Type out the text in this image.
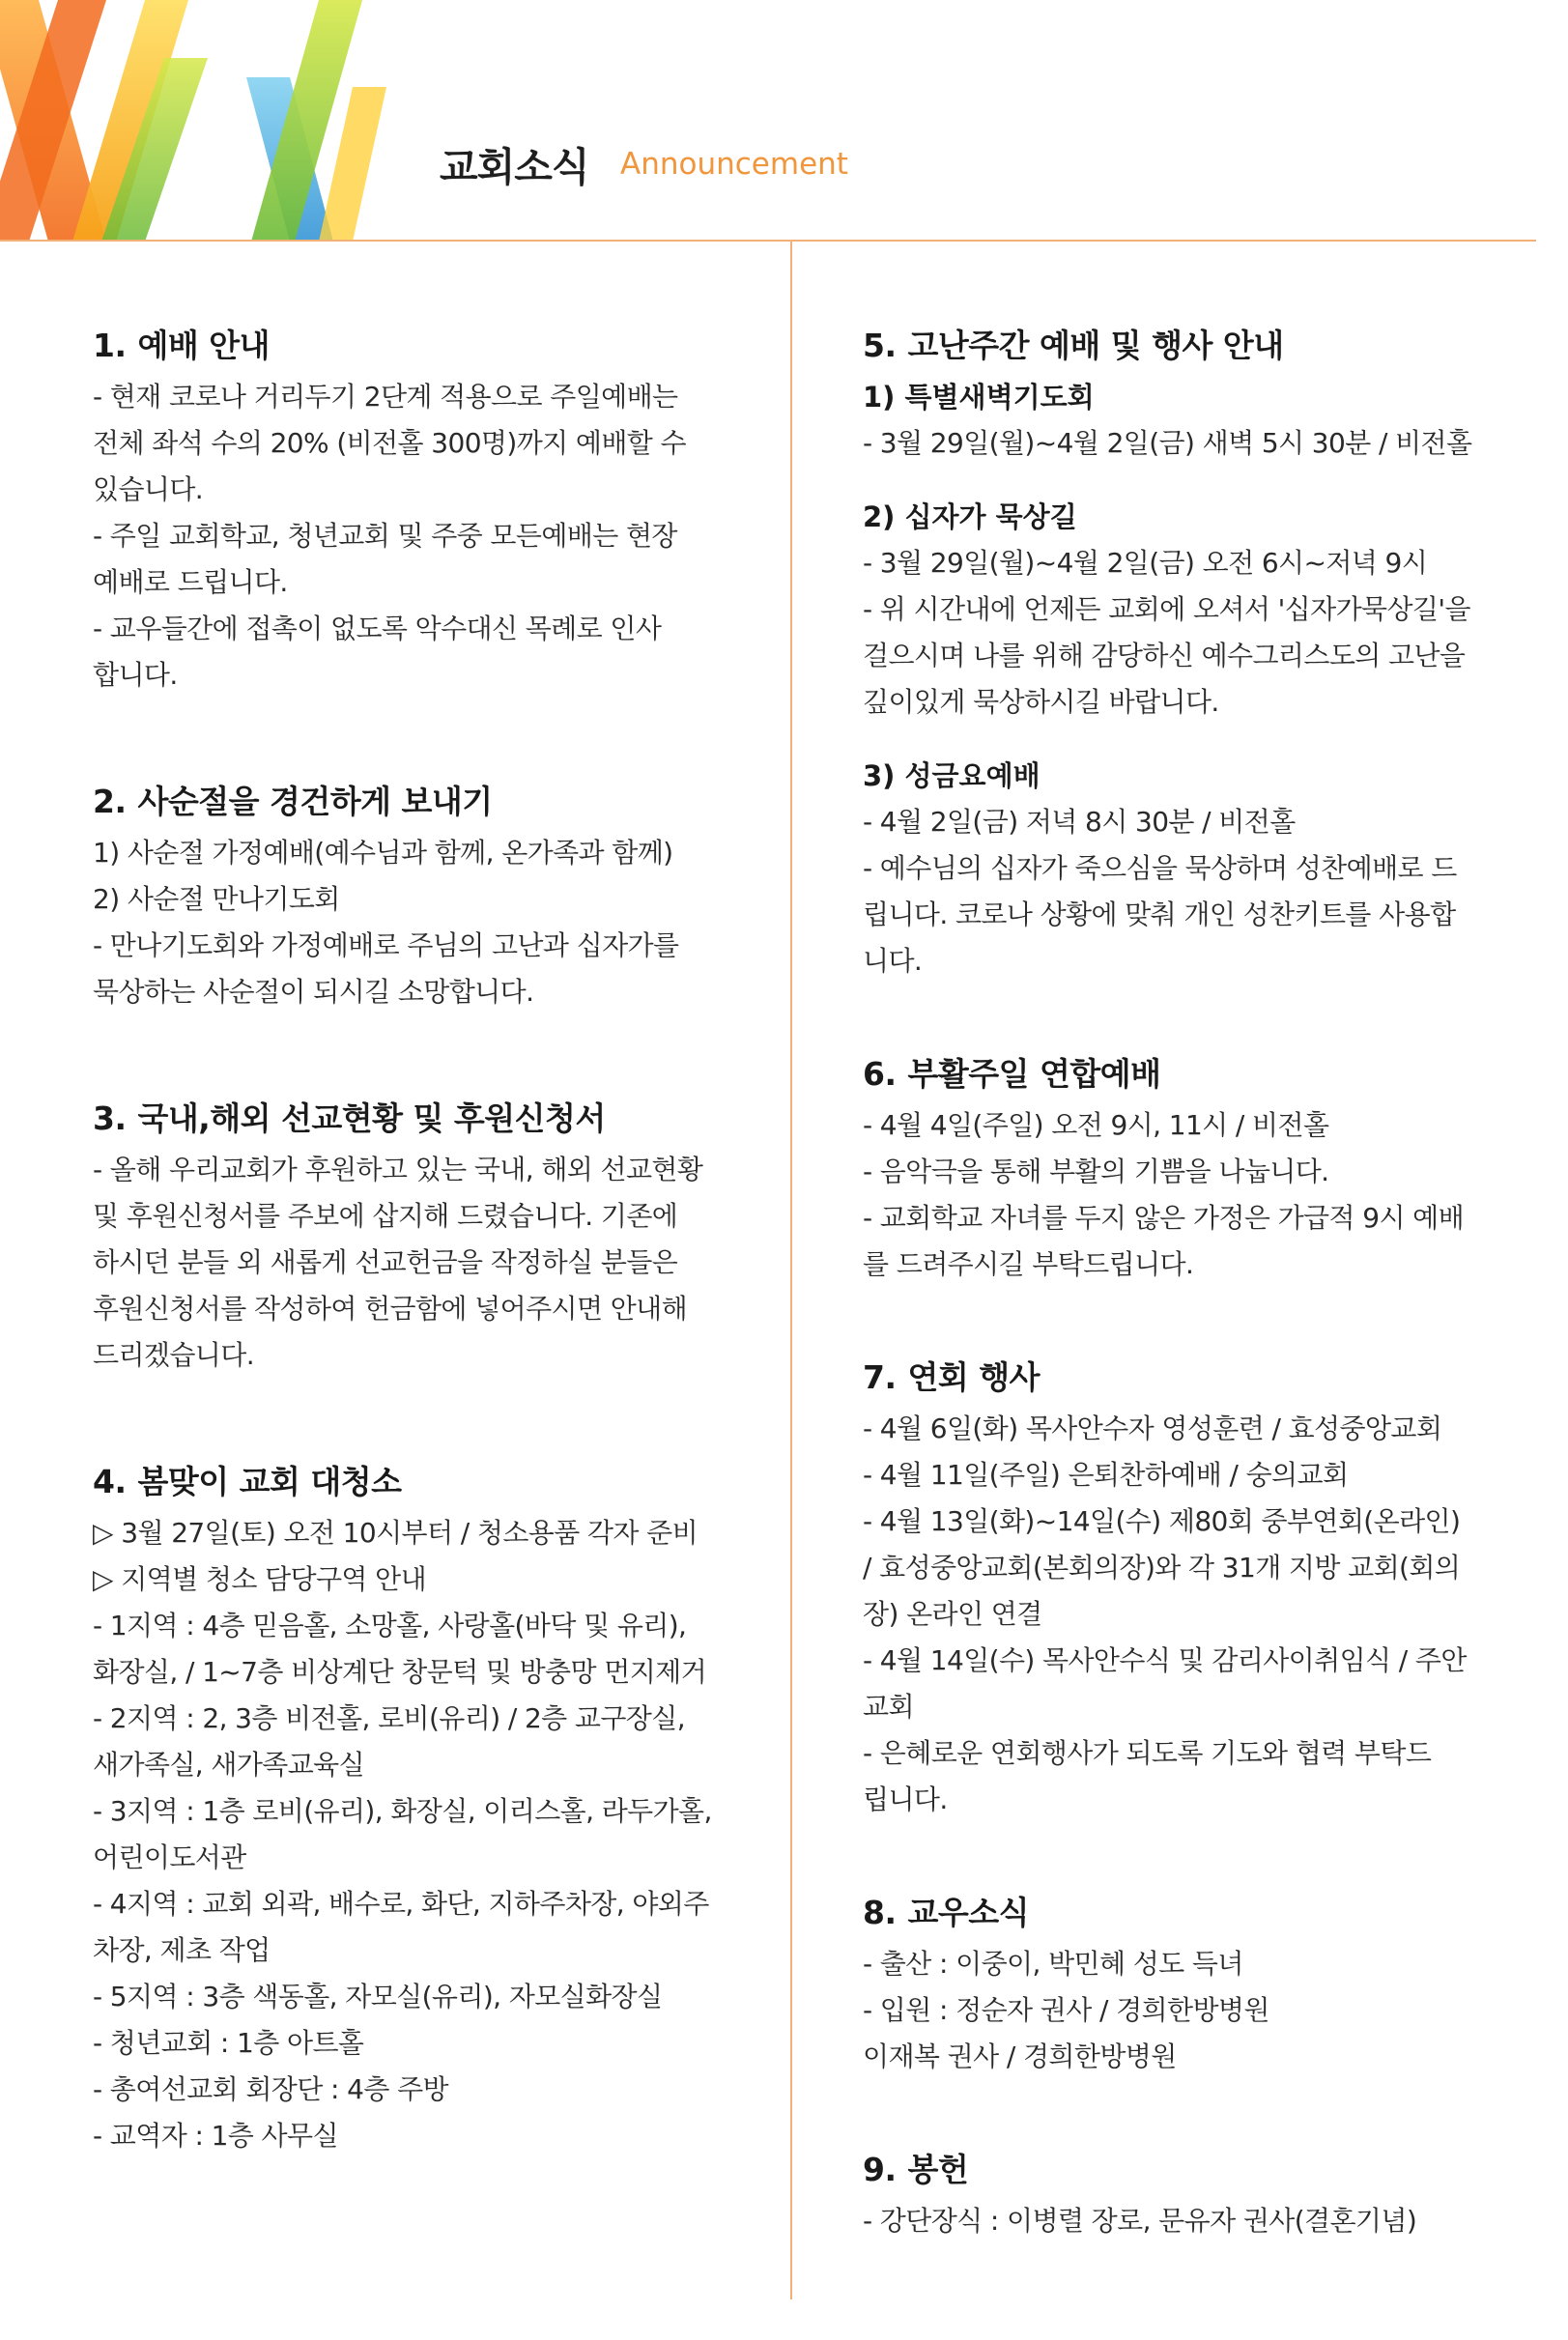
교회소식 Announcement
1. 예배 안내
- 현재 코로나 거리두기 2단계 적용으로 주일예배는
전체 좌석 수의 20% (비전홀 300명)까지 예배할 수
있습니다.
- 주일 교회학교, 청년교회 및 주중 모든예배는 현장
예배로 드립니다.
- 교우들간에 접촉이 없도록 악수대신 목례로 인사
합니다.
2. 사순절을 경건하게 보내기
1) 사순절 가정예배(예수님과 함께, 온가족과 함께)
2) 사순절 만나기도회
- 만나기도회와 가정예배로 주님의 고난과 십자가를
묵상하는 사순절이 되시길 소망합니다.
3. 국내,해외 선교현황 및 후원신청서
- 올해 우리교회가 후원하고 있는 국내, 해외 선교현황
및 후원신청서를 주보에 삽지해 드렸습니다. 기존에
하시던 분들 외 새롭게 선교헌금을 작정하실 분들은
후원신청서를 작성하여 헌금함에 넣어주시면 안내해
드리겠습니다.
4. 봄맞이 교회 대청소
▷ 3월 27일(토) 오전 10시부터 / 청소용품 각자 준비
▷ 지역별 청소 담당구역 안내
- 1지역 : 4층 믿음홀, 소망홀, 사랑홀(바닥 및 유리),
화장실, / 1~7층 비상계단 창문턱 및 방충망 먼지제거
- 2지역 : 2, 3층 비전홀, 로비(유리) / 2층 교구장실,
새가족실, 새가족교육실
- 3지역 : 1층 로비(유리), 화장실, 이리스홀, 라두가홀,
어린이도서관
- 4지역 : 교회 외곽, 배수로, 화단, 지하주차장, 야외주
차장, 제초 작업
- 5지역 : 3층 색동홀, 자모실(유리), 자모실화장실
- 청년교회 : 1층 아트홀
- 총여선교회 회장단 : 4층 주방
- 교역자 : 1층 사무실
5. 고난주간 예배 및 행사 안내
1) 특별새벽기도회
- 3월 29일(월)~4월 2일(금) 새벽 5시 30분 / 비전홀
2) 십자가 묵상길
- 3월 29일(월)~4월 2일(금) 오전 6시~저녁 9시
- 위 시간내에 언제든 교회에 오셔서 '십자가묵상길'을
걸으시며 나를 위해 감당하신 예수그리스도의 고난을
깊이있게 묵상하시길 바랍니다.
3) 성금요예배
- 4월 2일(금) 저녁 8시 30분 / 비전홀
- 예수님의 십자가 죽으심을 묵상하며 성찬예배로 드
립니다. 코로나 상황에 맞춰 개인 성찬키트를 사용합
니다.
6. 부활주일 연합예배
- 4월 4일(주일) 오전 9시, 11시 / 비전홀
- 음악극을 통해 부활의 기쁨을 나눕니다.
- 교회학교 자녀를 두지 않은 가정은 가급적 9시 예배
를 드려주시길 부탁드립니다.
7. 연회 행사
- 4월 6일(화) 목사안수자 영성훈련 / 효성중앙교회
- 4월 11일(주일) 은퇴찬하예배 / 숭의교회
- 4월 13일(화)~14일(수) 제80회 중부연회(온라인)
/ 효성중앙교회(본회의장)와 각 31개 지방 교회(회의
장) 온라인 연결
- 4월 14일(수) 목사안수식 및 감리사이취임식 / 주안
교회
- 은혜로운 연회행사가 되도록 기도와 협력 부탁드
립니다.
8. 교우소식
- 출산 : 이중이, 박민혜 성도 득녀
- 입원 : 정순자 권사 / 경희한방병원
이재복 권사 / 경희한방병원
9. 봉헌
- 강단장식 : 이병렬 장로, 문유자 권사(결혼기념)
